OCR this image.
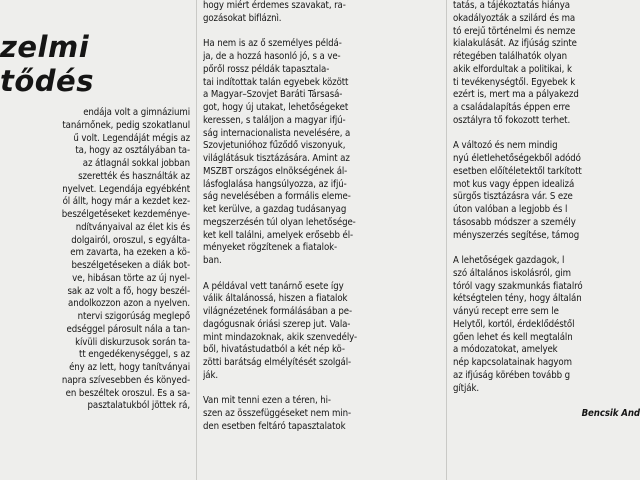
zelmi
tődés
endája volt a gimnáziumi
tanárnőnek, pedig szokatlanul
ű volt. Legendáját mégis az
ta, hogy az osztályában ta-
az átlagnál sokkal jobban
szerették és használták az
nyelvet. Legendája egyébként
ól állt, hogy már a kezdet kez-
beszélgetéseket kezdeménye-
ndítványaival az élet kis és
dolgairól, oroszul, s egyálta-
em zavarta, ha ezeken a kö-
beszélgetéseken a diák bot-
ve, hibásan törte az új nyel-
sak az volt a fő, hogy beszél-
andolkozzon azon a nyelven.
ntervi szigorúság meglepő
edséggel párosult nála a tan-
kívüli diskurzusok során ta-
tt engedékenységgel, s az
ény az lett, hogy tanítványai
napra szívesebben és könyed-
en beszéltek oroszul. És a sa-
pasztalatukból jöttek rá,
hogy miért érdemes szavakat, ra-
gozásokat bifláznì.
Ha nem is az ő személyes példá-
ja, de a hozzá hasonló jó, s a ve-
pőről rossz példák tapasztala-
tai indítottak talán egyebek között
a Magyar–Szovjet Baráti Társasá-
got, hogy új utakat, lehetőségeket
keressen, s találjon a magyar ifjú-
ság internacionalista nevelésére, a
Szovjetunióhoz fűződő viszonyuk,
világlátásuk tisztázására. Amint az
MSZBT országos elnökségének ál-
lásfoglalása hangsúlyozza, az ifjú-
ság nevelésében a formális eleme-
ket kerülve, a gazdag tudásanyag
megszerzésén túl olyan lehetősége-
ket kell találni, amelyek erősebb él-
ményeket rögzítenek a fiatalok-
ban.
A példával vett tanárnő esete így
válik általánossá, hiszen a fiatalok
világnézetének formálásában a pe-
dagógusnak óriási szerep jut. Vala-
mint mindazoknak, akik szenvedély-
ből, hivatástudatból a két nép kö-
zötti barátság elmélyítését szolgál-
ják.
Van mit tenni ezen a téren, hi-
szen az összefüggéseket nem min-
den esetben feltáró tapasztalatok
tatás, a tájékoztatás hiánya
okadályozták a szilárd és ma
tó erejű történelmi és nemze
kialakulását. Az ifjúság szinte
rétegében találhatók olyan
akik elfordultak a politikai, k
ti tevékenységtől. Egyebek k
ezért is, mert ma a pályakezd
a családalapítás éppen erre
osztályra tő fokozott terhet.
A változó és nem mindig
nyú életlehetőségekből adódó
esetben előítéletektől tarkított
mot kus vagy éppen idealizá
sürgős tisztázásra vár. S eze
úton valóban a legjobb és l
tásosabb módszer a személy
ményszerzés segítése, támog
A lehetőségek gazdagok, l
szó általános iskolásról, gim
tóról vagy szakmunkás fiatalró
kétségtelen tény, hogy általán
ványú recept erre sem le
Helytől, kortól, érdeklődéstől
gően lehet és kell megtaláln
a módozatokat, amelyek
nép kapcsolatainak hagyom
az ifjúság körében tovább g
gítják.
Bencsik And
